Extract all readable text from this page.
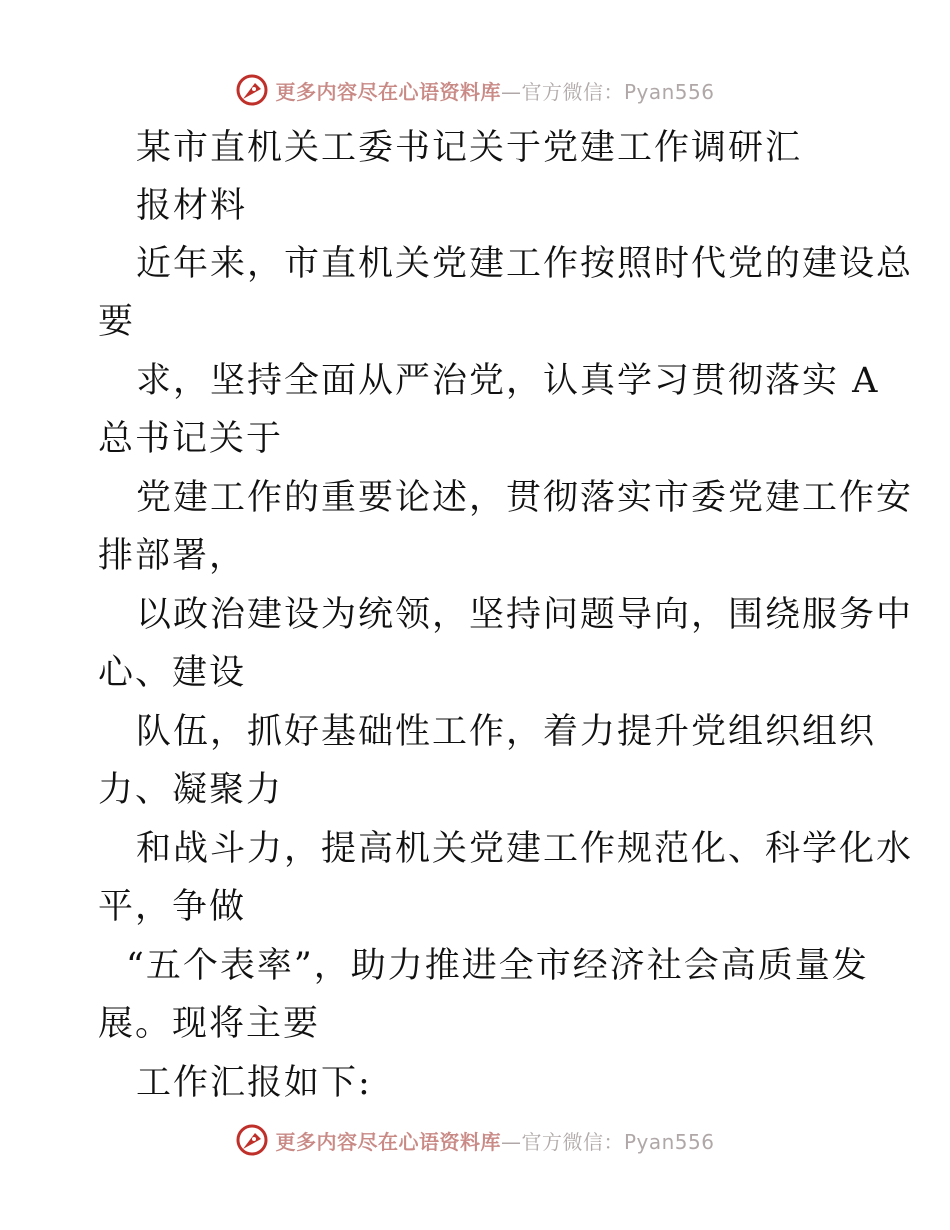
更多内容尽在心语资料库—官方微信：Pyan556
某市直机关工委书记关于党建工作调研汇
报材料
近年来，市直机关党建工作按照时代党的建设总
要
求，坚持全面从严治党，认真学习贯彻落实 A
总书记关于
党建工作的重要论述，贯彻落实市委党建工作安
排部署，
以政治建设为统领，坚持问题导向，围绕服务中
心、建设
队伍，抓好基础性工作，着力提升党组织组织
力、凝聚力
和战斗力，提高机关党建工作规范化、科学化水
平，争做
“五个表率”，助力推进全市经济社会高质量发
展。现将主要
工作汇报如下:
更多内容尽在心语资料库—官方微信：Pyan556
